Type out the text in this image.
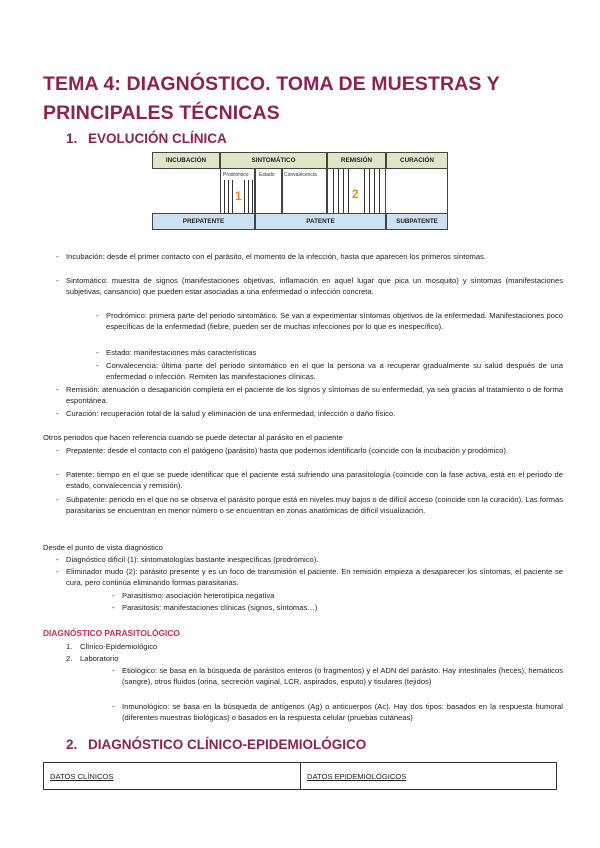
TEMA 4: DIAGNÓSTICO. TOMA DE MUESTRAS Y PRINCIPALES TÉCNICAS
1. EVOLUCIÓN CLÍNICA
INCUBACIÓN	SINTOMÁTICO	REMISIÓN	CURACIÓN
Prodrómico Estado Convalecencia
1	2
PREPATENTE	PATENTE	SUBPATENTE
- Incubación: desde el primer contacto con el parásito, el momento de la infección, hasta que aparecen los primeros síntomas.
- Sintomático: muestra de signos (manifestaciones objetivas, inflamación en aquel lugar que pica un mosquito) y síntomas (manifestaciones subjetivas, cansancio) que pueden estar asociadas a una enfermedad o infección concreta.
- Prodrómico: primera parte del periodo sintomático. Se van a experimentar síntomas objetivos de la enfermedad. Manifestaciones poco específicas de la enfermedad (fiebre, pueden ser de muchas infecciones por lo que es inespecífico).
- Estado: manifestaciones más características
- Convalecencia: última parte del periodo sintomático en el que la persona va a recuperar gradualmente su salud después de una enfermedad o infección. Remiten las manifestaciones clínicas.
- Remisión: atenuación o desaparición completa en el paciente de los signos y síntomas de su enfermedad, ya sea gracias al tratamiento o de forma espontánea.
- Curación: recuperación total de la salud y eliminación de una enfermedad, infección o daño físico.
Otros periodos que hacen referencia cuando se puede detectar al parásito en el paciente
- Prepatente: desde el contacto con el patógeno (parásito) hasta que podemos identificarlo (coincide con la incubación y prodómico).
- Patente: tiempo en el que se puede identificar que el paciente está sufriendo una parasitología (coincide con la fase activa, está en el periodo de estado, convalecencia y remisión).
- Subpatente: periodo en el que no se observa el parásito porque está en niveles muy bajos o de difícil acceso (coincide con la curación). Las formas parasitarias se encuentran en menor número o se encuentran en zonas anatómicas de difícil visualización.
Desde el punto de vista diagnóstico
- Diagnóstico difícil (1): sintomatologías bastante inespecíficas (prodrómico).
- Eliminador mudo (2): parásito presente y es un foco de transmisión el paciente. En remisión empieza a desaparecer los síntomas, el paciente se cura, pero continúa eliminando formas parasitarias.
- Parasitismo: asociación heterotípica negativa
- Parasitosis: manifestaciones clínicas (signos, síntomas…)
DIAGNÓSTICO PARASITOLÓGICO
1. Clínico-Epidemiológico
2. Laboratorio
- Etiológico: se basa en la búsqueda de parásitos enteros (o fragmentos) y el ADN del parásito. Hay intestinales (heces), hemáticos (sangre), otros fluidos (orina, secreción vaginal, LCR, aspirados, esputo) y tisulares (tejidos)
- Inmunológico: se basa en la búsqueda de antígenos (Ag) o anticuerpos (Ac). Hay dos tipos: basados en la respuesta humoral (diferentes muestras biológicas) o basados en la respuesta celular (pruebas cutáneas)
2. DIAGNÓSTICO CLÍNICO-EPIDEMIOLÓGICO
DATOS CLÍNICOS	DATOS EPIDEMIOLÓGICOS
